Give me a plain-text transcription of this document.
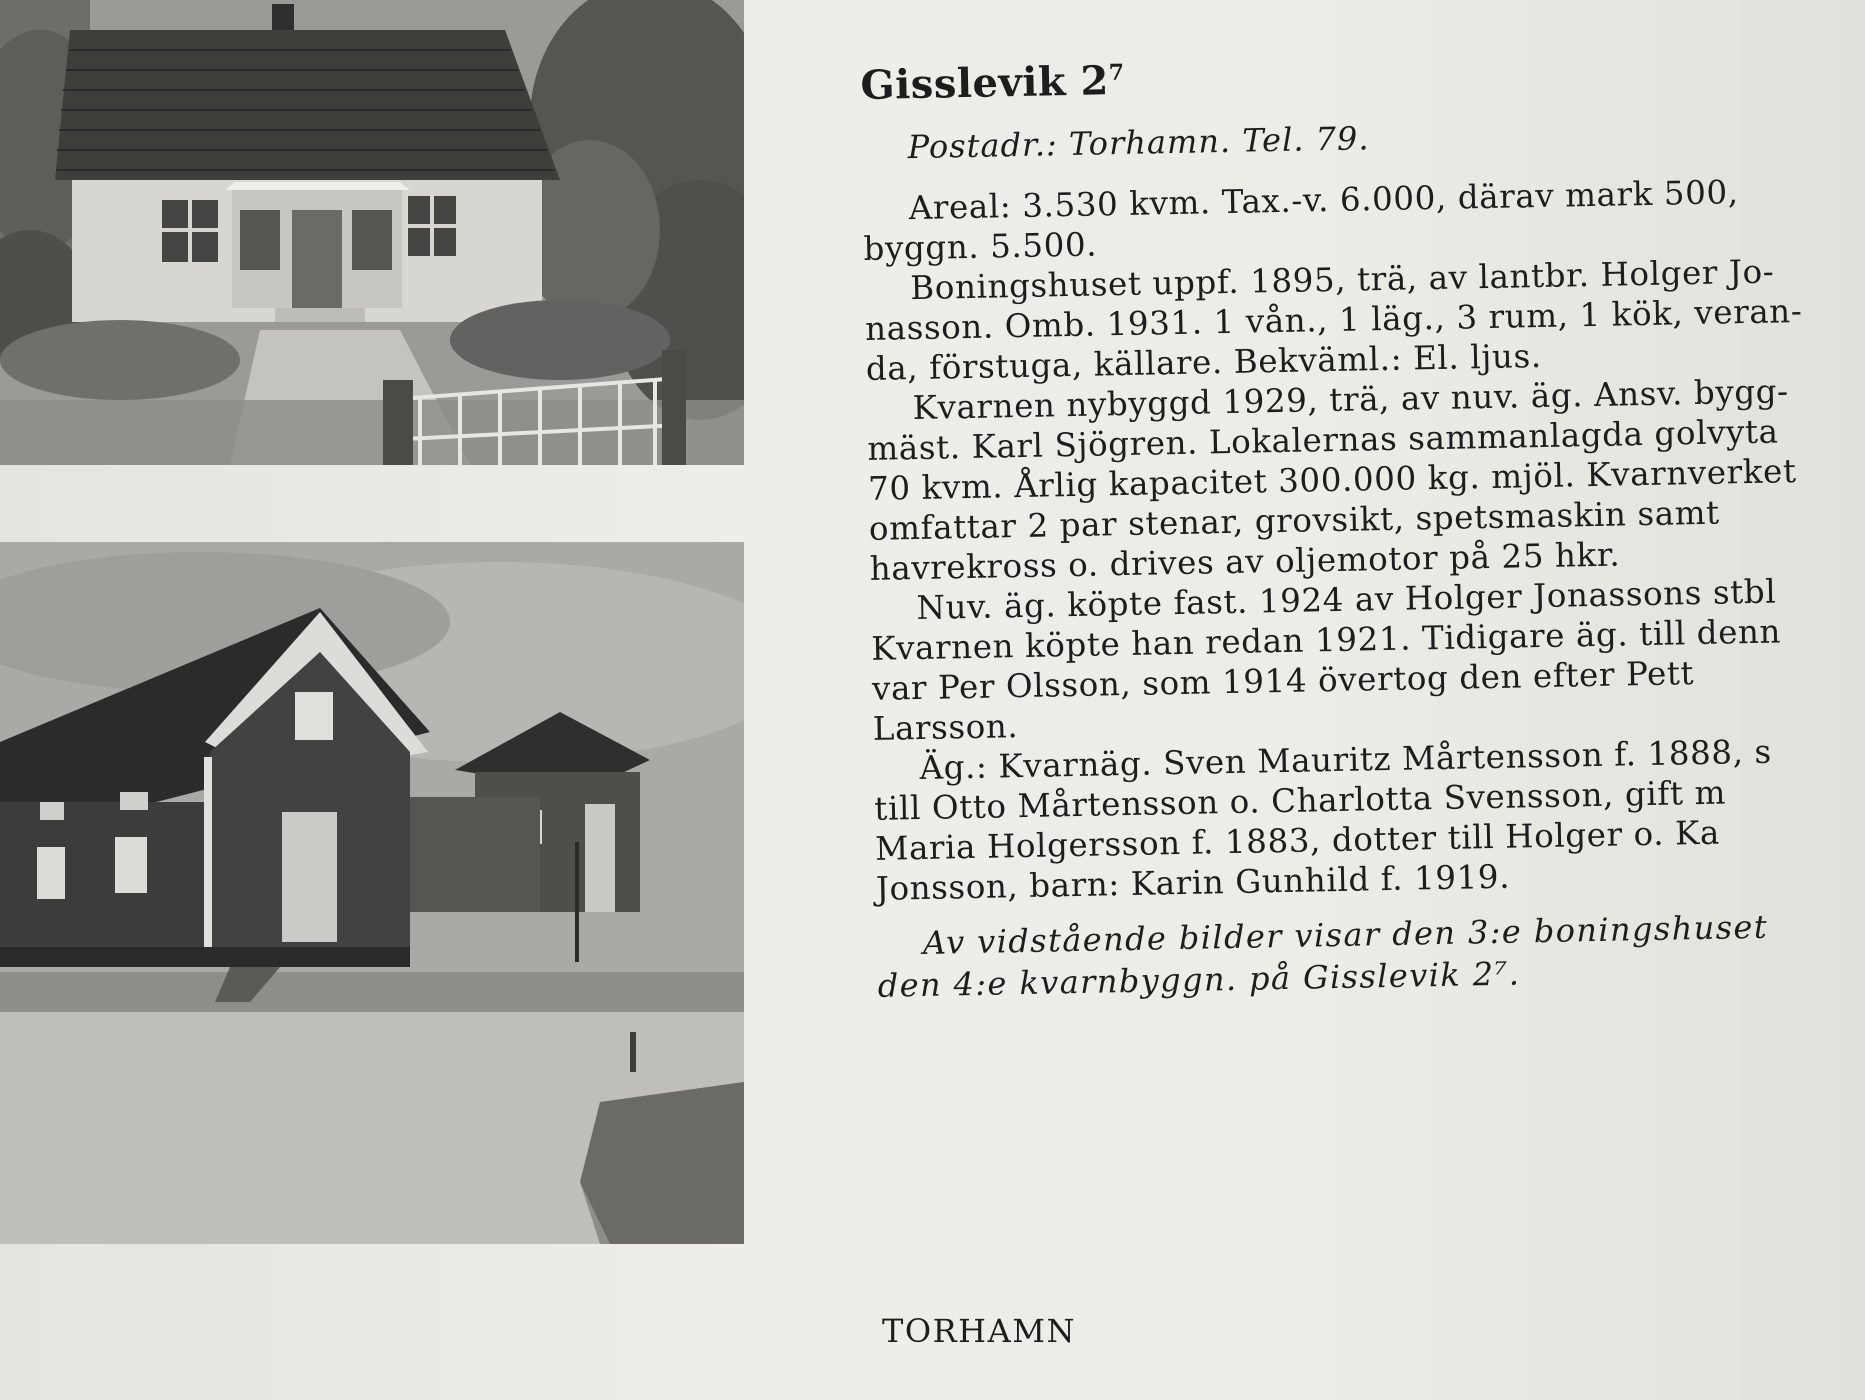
Gisslevik $2^7$
Postadr.: Torhamn. Tel. 79.
Areal: 3.530 kvm. Tax.-v. 6.000, därav mark 500,
byggn. 5.500.
Boningshuset uppf. 1895, trä, av lantbr. Holger Jo-
nasson. Omb. 1931. 1 vån., 1 läg., 3 rum, 1 kök, veran-
da, förstuga, källare. Bekväml.: El. ljus.
Kvarnen nybyggd 1929, trä, av nuv. äg. Ansv. bygg-
mäst. Karl Sjögren. Lokalernas sammanlagda golvyta
70 kvm. Årlig kapacitet 300.000 kg. mjöl. Kvarnverket
omfattar 2 par stenar, grovsikt, spetsmaskin samt
havrekross o. drives av oljemotor på 25 hkr.
Nuv. äg. köpte fast. 1924 av Holger Jonassons stbl
Kvarnen köpte han redan 1921. Tidigare äg. till denn
var Per Olsson, som 1914 övertog den efter Pett
Larsson.
Äg.: Kvarnäg. Sven Mauritz Mårtensson f. 1888, s
till Otto Mårtensson o. Charlotta Svensson, gift m
Maria Holgersson f. 1883, dotter till Holger o. Ka
Jonsson, barn: Karin Gunhild f. 1919.
Av vidstående bilder visar den 3:e boningshuset
den 4:e kvarnbyggn. på Gisslevik 2⁷.
TORHAMN
